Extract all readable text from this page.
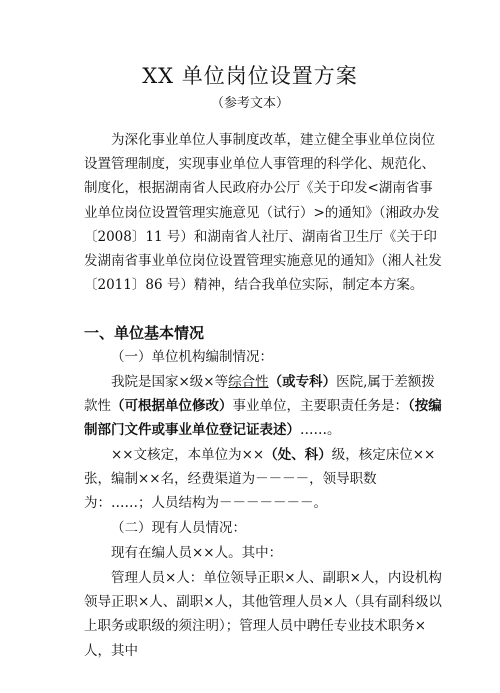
XX 单位岗位设置方案
（参考文本）
为深化事业单位人事制度改革，建立健全事业单位岗位设置管理制度，实现事业单位人事管理的科学化、规范化、制度化，根据湖南省人民政府办公厅《关于印发<湖南省事业单位岗位设置管理实施意见（试行）>的通知》（湘政办发〔2008〕11 号）和湖南省人社厅、湖南省卫生厅《关于印发湖南省事业单位岗位设置管理实施意见的通知》（湘人社发〔2011〕86 号）精神，结合我单位实际，制定本方案。
一、单位基本情况
（一）单位机构编制情况：
我院是国家×级×等综合性（或专科）医院,属于差额拨款性（可根据单位修改）事业单位，主要职责任务是：（按编制部门文件或事业单位登记证表述）……。
××文核定，本单位为××（处、科）级，核定床位××张，编制××名，经费渠道为－－－－，领导职数为：……；人员结构为－－－－－－－。
（二）现有人员情况：
现有在编人员××人。其中：
管理人员×人：单位领导正职×人、副职×人，内设机构领导正职×人、副职×人，其他管理人员×人（具有副科级以上职务或职级的须注明）；管理人员中聘任专业技术职务×人，其中
